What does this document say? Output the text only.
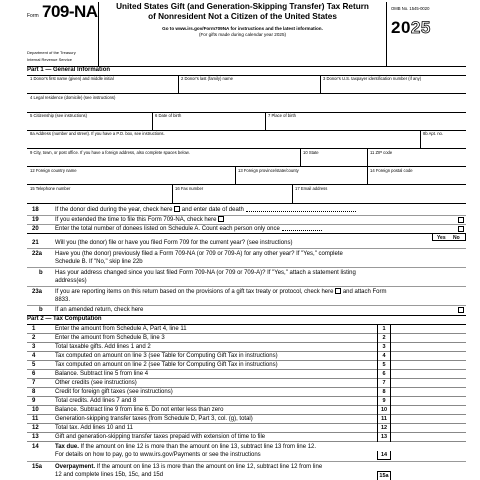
Form 709-NA
Department of the Treasury
Internal Revenue Service
United States Gift (and Generation-Skipping Transfer) Tax Return
of Nonresident Not a Citizen of the United States
Go to www.irs.gov/Form709NA for instructions and the latest information.
(For gifts made during calendar year 2025)
OMB No. 1545-0020
2025
Part 1 — General Information
1 Donor's first name (given) and middle initial	2 Donor's last (family) name	3 Donor's U.S. taxpayer identification number (if any)
4 Legal residence (domicile) (see instructions)
5 Citizenship (see instructions)	6 Date of birth	7 Place of birth
8a Address (number and street). If you have a P.O. box, see instructions.	8b Apt. no.
9 City, town, or post office. If you have a foreign address, also complete spaces below.	10 State	11 ZIP code
12 Foreign country name	13 Foreign province/state/county	14 Foreign postal code
15 Telephone number	16 Fax number	17 Email address
18	If the donor died during the year, check here and enter date of death
19	If you extended the time to file this Form 709-NA, check here
20	Enter the total number of donees listed on Schedule A. Count each person only once
Yes No
21	Will you (the donor) file or have you filed Form 709 for the current year? (see instructions)
22a Have you (the donor) previously filed a Form 709-NA (or 709 or 709-A) for any other year? If "Yes," complete
Schedule B. If "No," skip line 22b
b Has your address changed since you last filed Form 709-NA (or 709 or 709-A)? If "Yes," attach a statement listing
address(es)
23a If you are reporting items on this return based on the provisions of a gift tax treaty or protocol, check here and attach Form
8833.
b If an amended return, check here
Part 2 — Tax Computation
1	Enter the amount from Schedule A, Part 4, line 11	1
2	Enter the amount from Schedule B, line 3	2
3	Total taxable gifts. Add lines 1 and 2	3
4	Tax computed on amount on line 3 (see Table for Computing Gift Tax in instructions)	4
5	Tax computed on amount on line 2 (see Table for Computing Gift Tax in instructions)	5
6	Balance. Subtract line 5 from line 4	6
7	Other credits (see instructions)	7
8	Credit for foreign gift taxes (see instructions)	8
9	Total credits. Add lines 7 and 8	9
10	Balance. Subtract line 9 from line 6. Do not enter less than zero	10
11	Generation-skipping transfer taxes (from Schedule D, Part 3, col. (g), total)	11
12	Total tax. Add lines 10 and 11	12
13	Gift and generation-skipping transfer taxes prepaid with extension of time to file	13
14	Tax due. If the amount on line 12 is more than the amount on line 13, subtract line 13 from line 12.
For details on how to pay, go to www.irs.gov/Payments or see the instructions	14
15a Overpayment. If the amount on line 13 is more than the amount on line 12, subtract line 12 from line
12 and complete lines 15b, 15c, and 15d	15a
